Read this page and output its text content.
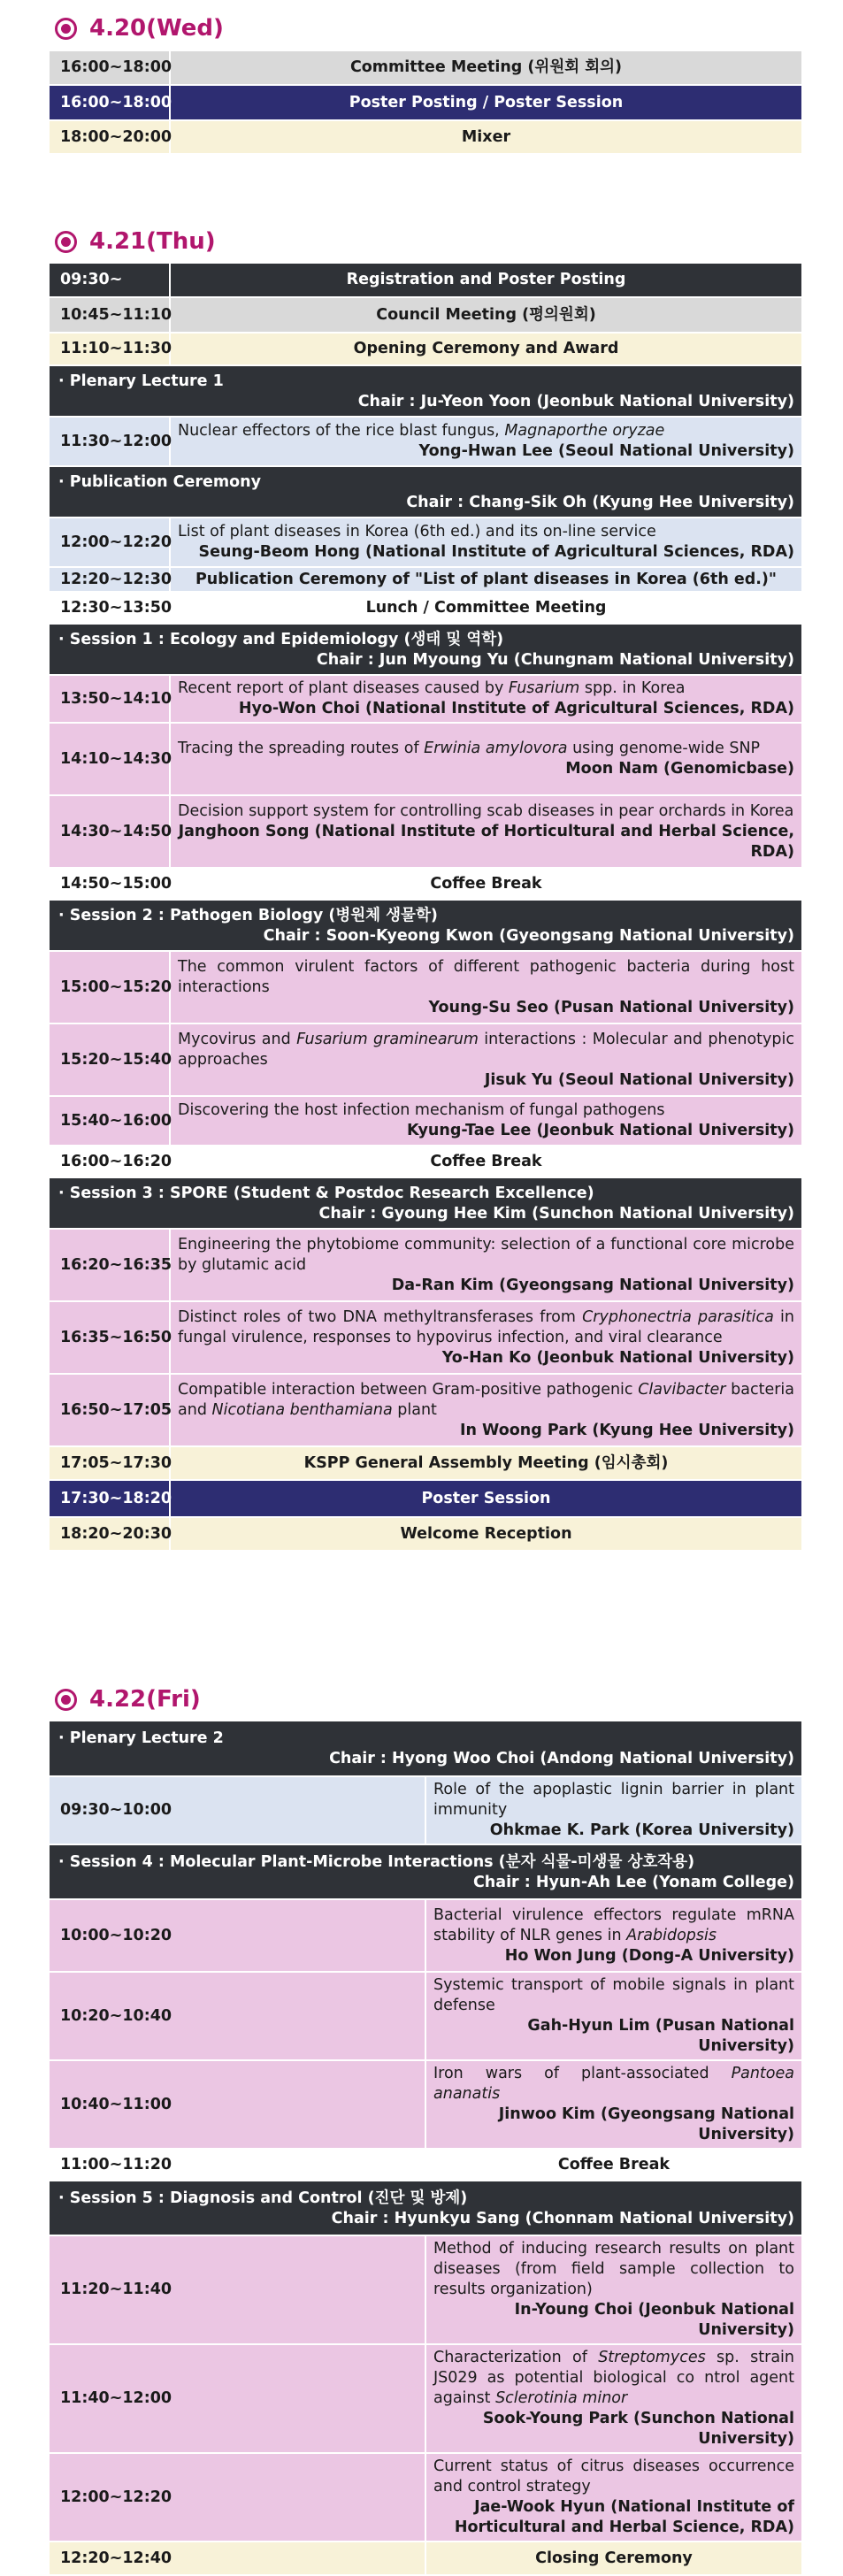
4.20(Wed)
16:00~18:00	Committee Meeting (위원회 회의)
16:00~18:00	Poster Posting / Poster Session
18:00~20:00	Mixer
4.21(Thu)
09:30~	Registration and Poster Posting
10:45~11:10	Council Meeting (평의원회)
11:10~11:30	Opening Ceremony and Award

· Plenary Lecture 1
Chair : Ju-Yeon Yoon (Jeonbuk National University)	

11:30~12:00	Nuclear effectors of the rice blast fungus, Magnaporthe oryzae
Yong-Hwan Lee (Seoul National University)

· Publication Ceremony
Chair : Chang-Sik Oh (Kyung Hee University)	

12:00~12:20	List of plant diseases in Korea (6th ed.) and its on-line service
Seung-Beom Hong (National Institute of Agricultural Sciences, RDA)

12:20~12:30	Publication Ceremony of "List of plant diseases in Korea (6th ed.)"
12:30~13:50	Lunch / Committee Meeting

· Session 1 : Ecology and Epidemiology (생태 및 역학)
Chair : Jun Myoung Yu (Chungnam National University)	

13:50~14:10	Recent report of plant diseases caused by Fusarium spp. in Korea
Hyo-Won Choi (National Institute of Agricultural Sciences, RDA)

14:10~14:30	Tracing the spreading routes of Erwinia amylovora using genome-wide SNP
Moon Nam (Genomicbase)

14:30~14:50	Decision support system for controlling scab diseases in pear orchards in Korea
Janghoon Song (National Institute of Horticultural and Herbal Science, RDA)

14:50~15:00	Coffee Break

· Session 2 : Pathogen Biology (병원체 생물학)
Chair : Soon-Kyeong Kwon (Gyeongsang National University)	

15:00~15:20	The common virulent factors of different pathogenic bacteria during host interactions
Young-Su Seo (Pusan National University)

15:20~15:40	Mycovirus and Fusarium graminearum interactions : Molecular and phenotypic approaches
Jisuk Yu (Seoul National University)

15:40~16:00	Discovering the host infection mechanism of fungal pathogens
Kyung-Tae Lee (Jeonbuk National University)

16:00~16:20	Coffee Break

· Session 3 : SPORE (Student & Postdoc Research Excellence)
Chair : Gyoung Hee Kim (Sunchon National University)	

16:20~16:35	Engineering the phytobiome community: selection of a functional core microbe by glutamic acid
Da-Ran Kim (Gyeongsang National University)

16:35~16:50	Distinct roles of two DNA methyltransferases from Cryphonectria parasitica in fungal virulence, responses to hypovirus infection, and viral clearance
Yo-Han Ko (Jeonbuk National University)

16:50~17:05	Compatible interaction between Gram-positive pathogenic Clavibacter bacteria and Nicotiana benthamiana plant
In Woong Park (Kyung Hee University)

17:05~17:30	KSPP General Assembly Meeting (임시총회)
17:30~18:20	Poster Session
18:20~20:30	Welcome Reception
4.22(Fri)
· Plenary Lecture 2
Chair : Hyong Woo Choi (Andong National University)	

09:30~10:00	Role of the apoplastic lignin barrier in plant immunity
Ohkmae K. Park (Korea University)

· Session 4 : Molecular Plant-Microbe Interactions (분자 식물-미생물 상호작용)
Chair : Hyun-Ah Lee (Yonam College)	

10:00~10:20	Bacterial virulence effectors regulate mRNA stability of NLR genes in Arabidopsis
Ho Won Jung (Dong-A University)

10:20~10:40	Systemic transport of mobile signals in plant defense
Gah-Hyun Lim (Pusan National University)

10:40~11:00	Iron wars of plant-associated Pantoea ananatis
Jinwoo Kim (Gyeongsang National University)

11:00~11:20	Coffee Break

· Session 5 : Diagnosis and Control (진단 및 방제)
Chair : Hyunkyu Sang (Chonnam National University)	

11:20~11:40	Method of inducing research results on plant diseases (from field sample collection to results organization)
In-Young Choi (Jeonbuk National University)

11:40~12:00	Characterization of Streptomyces sp. strain JS029 as potential biological co ntrol agent against Sclerotinia minor
Sook-Young Park (Sunchon National University)

12:00~12:20	Current status of citrus diseases occurrence and control strategy
Jae-Wook Hyun (National Institute of Horticultural and Herbal Science, RDA)

12:20~12:40	Closing Ceremony
